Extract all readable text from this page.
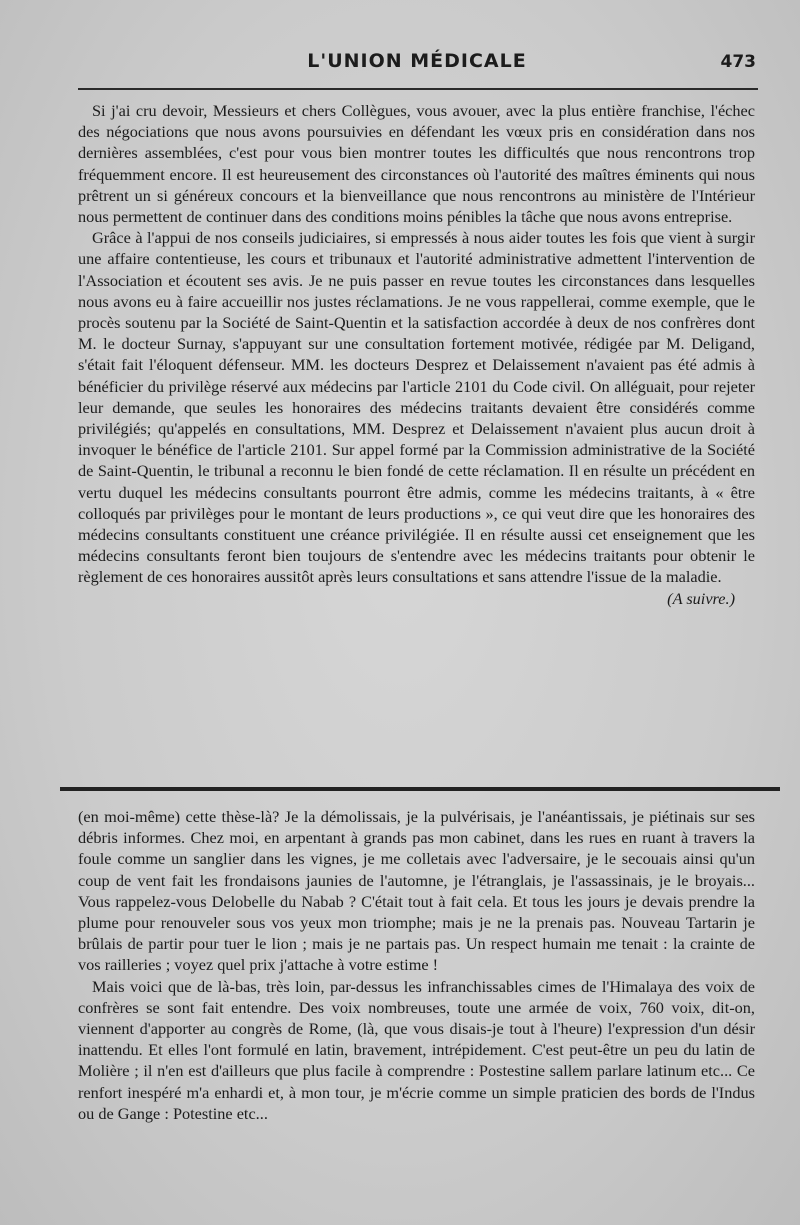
L'UNION MÉDICALE	473

Si j'ai cru devoir, Messieurs et chers Collègues, vous avouer, avec la plus entière franchise, l'échec des négociations que nous avons poursuivies en défendant les vœux pris en considération dans nos dernières assemblées, c'est pour vous bien montrer toutes les difficultés que nous rencontrons trop fréquemment encore. Il est heureusement des circonstances où l'autorité des maîtres éminents qui nous prêtrent un si généreux concours et la bienveillance que nous rencontrons au ministère de l'Intérieur nous permettent de continuer dans des conditions moins pénibles la tâche que nous avons entreprise.

Grâce à l'appui de nos conseils judiciaires, si empressés à nous aider toutes les fois que vient à surgir une affaire contentieuse, les cours et tribunaux et l'autorité administrative admettent l'intervention de l'Association et écoutent ses avis. Je ne puis passer en revue toutes les circonstances dans lesquelles nous avons eu à faire accueillir nos justes réclamations. Je ne vous rappellerai, comme exemple, que le procès soutenu par la Société de Saint-Quentin et la satisfaction accordée à deux de nos confrères dont M. le docteur Surnay, s'appuyant sur une consultation fortement motivée, rédigée par M. Deligand, s'était fait l'éloquent défenseur. MM. les docteurs Desprez et Delaissement n'avaient pas été admis à bénéficier du privilège réservé aux médecins par l'article 2101 du Code civil. On alléguait, pour rejeter leur demande, que seules les honoraires des médecins traitants devaient être considérés comme privilégiés; qu'appelés en consultations, MM. Desprez et Delaissement n'avaient plus aucun droit à invoquer le bénéfice de l'article 2101. Sur appel formé par la Commission administrative de la Société de Saint-Quentin, le tribunal a reconnu le bien fondé de cette réclamation. Il en résulte un précédent en vertu duquel les médecins consultants pourront être admis, comme les médecins traitants, à « être colloqués par privilèges pour le montant de leurs productions », ce qui veut dire que les honoraires des médecins consultants constituent une créance privilégiée. Il en résulte aussi cet enseignement que les médecins consultants feront bien toujours de s'entendre avec les médecins traitants pour obtenir le règlement de ces honoraires aussitôt après leurs consultations et sans attendre l'issue de la maladie.

(A suivre.)

(en moi-même) cette thèse-là? Je la démolissais, je la pulvérisais, je l'anéantissais, je piétinais sur ses débris informes. Chez moi, en arpentant à grands pas mon cabinet, dans les rues en ruant à travers la foule comme un sanglier dans les vignes, je me colletais avec l'adversaire, je le secouais ainsi qu'un coup de vent fait les frondaisons jaunies de l'automne, je l'étranglais, je l'assassinais, je le broyais... Vous rappelez-vous Delobelle du Nabab ? C'était tout à fait cela. Et tous les jours je devais prendre la plume pour renouveler sous vos yeux mon triomphe; mais je ne la prenais pas. Nouveau Tartarin je brûlais de partir pour tuer le lion ; mais je ne partais pas. Un respect humain me tenait : la crainte de vos railleries ; voyez quel prix j'attache à votre estime !

Mais voici que de là-bas, très loin, par-dessus les infranchissables cimes de l'Himalaya des voix de confrères se sont fait entendre. Des voix nombreuses, toute une armée de voix, 760 voix, dit-on, viennent d'apporter au congrès de Rome, (là, que vous disais-je tout à l'heure) l'expression d'un désir inattendu. Et elles l'ont formulé en latin, bravement, intrépidement. C'est peut-être un peu du latin de Molière ; il n'en est d'ailleurs que plus facile à comprendre : Postestine sallem parlare latinum etc... Ce renfort inespéré m'a enhardi et, à mon tour, je m'écrie comme un simple praticien des bords de l'Indus ou de Gange : Potestine etc...
